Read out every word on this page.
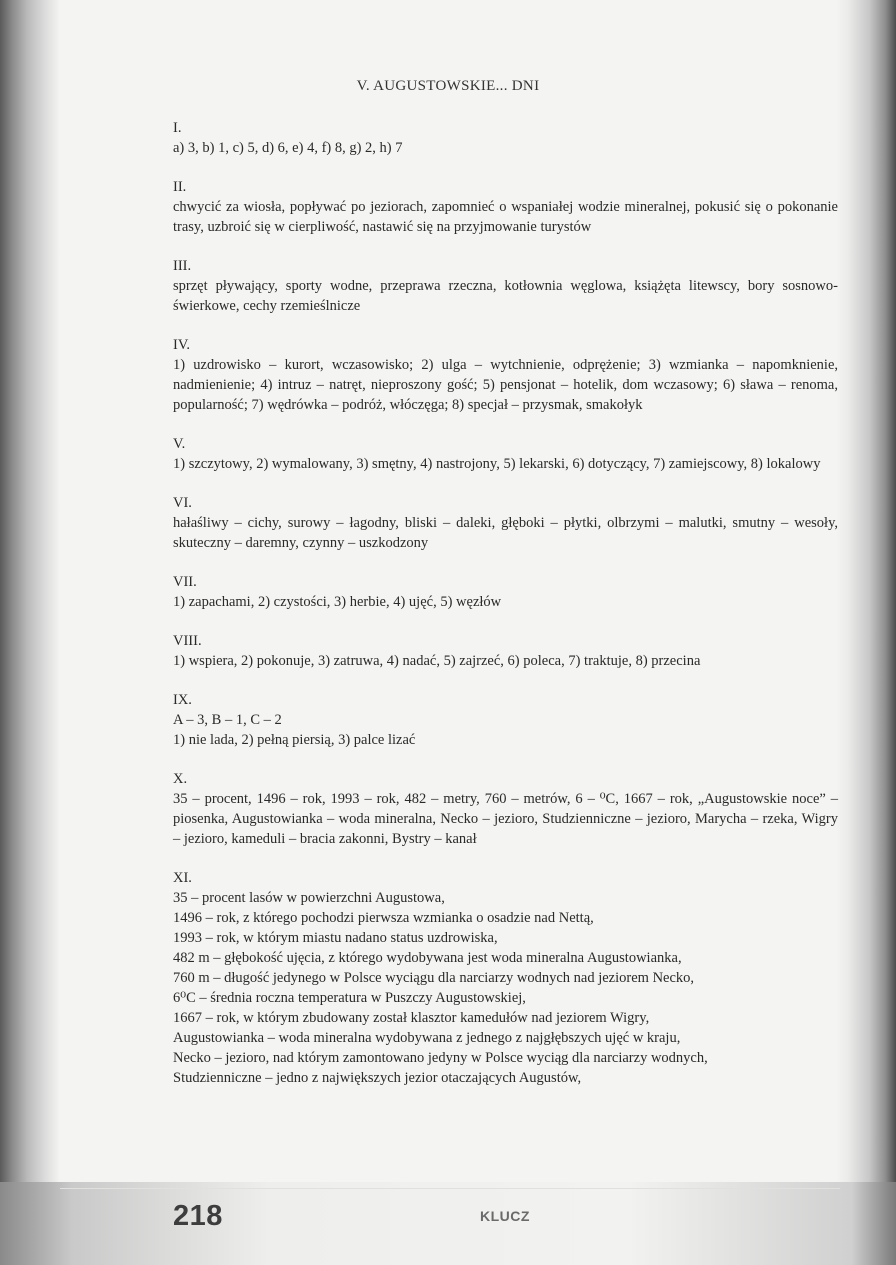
V. AUGUSTOWSKIE... DNI
I.
a) 3, b) 1, c) 5, d) 6, e) 4, f) 8, g) 2, h) 7
II.
chwycić za wiosła, popływać po jeziorach, zapomnieć o wspaniałej wodzie mineralnej, pokusić się o pokonanie trasy, uzbroić się w cierpliwość, nastawić się na przyjmowanie turystów
III.
sprzęt pływający, sporty wodne, przeprawa rzeczna, kotłownia węglowa, książęta litewscy, bory sosnowo-świerkowe, cechy rzemieślnicze
IV.
1) uzdrowisko – kurort, wczasowisko; 2) ulga – wytchnienie, odprężenie; 3) wzmianka – napomknienie, nadmienienie; 4) intruz – natręt, nieproszony gość; 5) pensjonat – hotelik, dom wczasowy; 6) sława – renoma, popularność; 7) wędrówka – podróż, włóczęga; 8) specjał – przysmak, smakołyk
V.
1) szczytowy, 2) wymalowany, 3) smętny, 4) nastrojony, 5) lekarski, 6) dotyczący, 7) zamiejscowy, 8) lokalowy
VI.
hałaśliwy – cichy, surowy – łagodny, bliski – daleki, głęboki – płytki, olbrzymi – malutki, smutny – wesoły, skuteczny – daremny, czynny – uszkodzony
VII.
1) zapachami, 2) czystości, 3) herbie, 4) ujęć, 5) węzłów
VIII.
1) wspiera, 2) pokonuje, 3) zatruwa, 4) nadać, 5) zajrzeć, 6) poleca, 7) traktuje, 8) przecina
IX.
A – 3, B – 1, C – 2
1) nie lada, 2) pełną piersią, 3) palce lizać
X.
35 – procent, 1496 – rok, 1993 – rok, 482 – metry, 760 – metrów, 6 – ⁰C, 1667 – rok, „Augustowskie noce” – piosenka, Augustowianka – woda mineralna, Necko – jezioro, Studzienniczne – jezioro, Marycha – rzeka, Wigry – jezioro, kameduli – bracia zakonni, Bystry – kanał
XI.
35 – procent lasów w powierzchni Augustowa,
1496 – rok, z którego pochodzi pierwsza wzmianka o osadzie nad Nettą,
1993 – rok, w którym miastu nadano status uzdrowiska,
482 m – głębokość ujęcia, z którego wydobywana jest woda mineralna Augustowianka,
760 m – długość jedynego w Polsce wyciągu dla narciarzy wodnych nad jeziorem Necko,
6⁰C – średnia roczna temperatura w Puszczy Augustowskiej,
1667 – rok, w którym zbudowany został klasztor kamedułów nad jeziorem Wigry,
Augustowianka – woda mineralna wydobywana z jednego z najgłębszych ujęć w kraju,
Necko – jezioro, nad którym zamontowano jedyny w Polsce wyciąg dla narciarzy wodnych,
Studzienniczne – jedno z największych jezior otaczających Augustów,
218	KLUCZ
